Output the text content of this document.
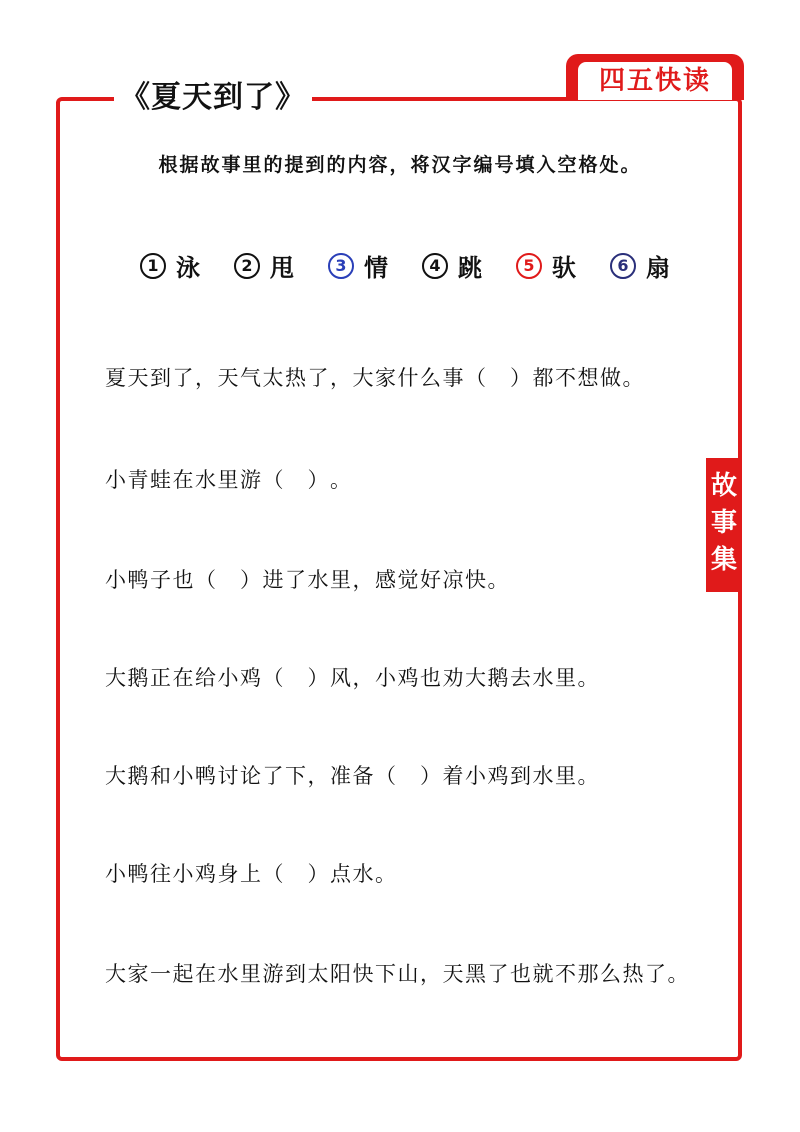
《夏天到了》	四五快读
故
事
集
根据故事里的提到的内容，将汉字编号填入空格处。
1 泳	2 甩	3 情	4 跳	5 驮	6 扇
夏天到了，天气太热了，大家什么事（　）都不想做。
小青蛙在水里游（　）。
小鸭子也（　）进了水里，感觉好凉快。
大鹅正在给小鸡（　）风，小鸡也劝大鹅去水里。
大鹅和小鸭讨论了下，准备（　）着小鸡到水里。
小鸭往小鸡身上（　）点水。
大家一起在水里游到太阳快下山，天黑了也就不那么热了。
